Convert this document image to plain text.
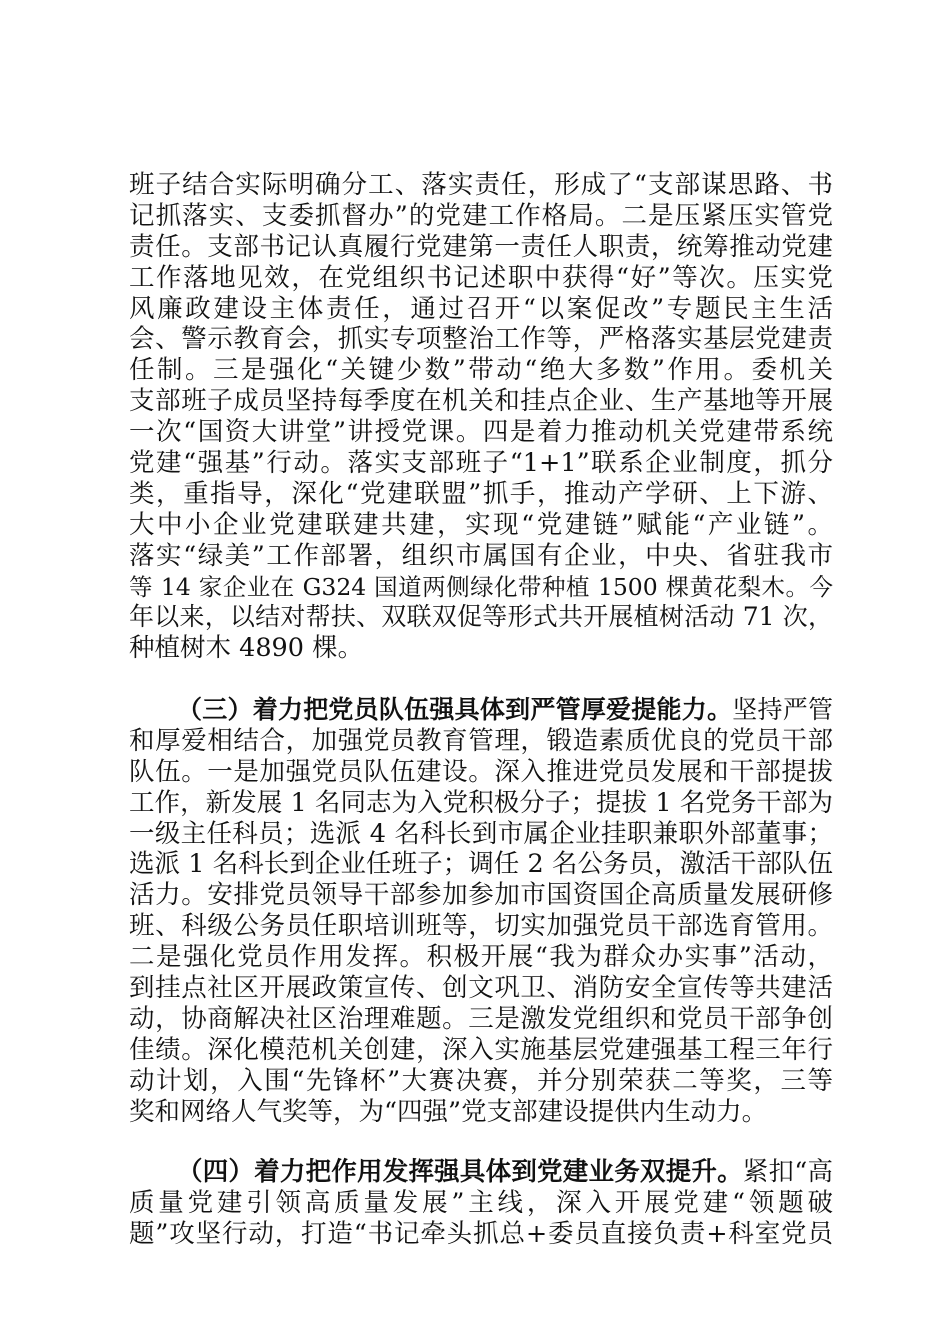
班子结合实际明确分工、落实责任，形成了“支部谋思路、书
记抓落实、支委抓督办”的党建工作格局。二是压紧压实管党
责任。支部书记认真履行党建第一责任人职责，统筹推动党建
工作落地见效，在党组织书记述职中获得“好”等次。压实党
风廉政建设主体责任，通过召开“以案促改”专题民主生活
会、警示教育会，抓实专项整治工作等，严格落实基层党建责
任制。三是强化“关键少数”带动“绝大多数”作用。委机关
支部班子成员坚持每季度在机关和挂点企业、生产基地等开展
一次“国资大讲堂”讲授党课。四是着力推动机关党建带系统
党建“强基”行动。落实支部班子“1+1”联系企业制度，抓分
类，重指导，深化“党建联盟”抓手，推动产学研、上下游、
大中小企业党建联建共建，实现“党建链”赋能“产业链”。
落实“绿美”工作部署，组织市属国有企业，中央、省驻我市
等 14 家企业在 G324 国道两侧绿化带种植 1500 棵黄花梨木。今
年以来，以结对帮扶、双联双促等形式共开展植树活动 71 次，
种植树木 4890 棵。
（三）着力把党员队伍强具体到严管厚爱提能力。坚持严管
和厚爱相结合，加强党员教育管理，锻造素质优良的党员干部
队伍。一是加强党员队伍建设。深入推进党员发展和干部提拔
工作，新发展 1 名同志为入党积极分子；提拔 1 名党务干部为
一级主任科员；选派 4 名科长到市属企业挂职兼职外部董事；
选派 1 名科长到企业任班子；调任 2 名公务员，激活干部队伍
活力。安排党员领导干部参加参加市国资国企高质量发展研修
班、科级公务员任职培训班等，切实加强党员干部选育管用。
二是强化党员作用发挥。积极开展“我为群众办实事”活动，
到挂点社区开展政策宣传、创文巩卫、消防安全宣传等共建活
动，协商解决社区治理难题。三是激发党组织和党员干部争创
佳绩。深化模范机关创建，深入实施基层党建强基工程三年行
动计划，入围“先锋杯”大赛决赛，并分别荣获二等奖，三等
奖和网络人气奖等，为“四强”党支部建设提供内生动力。
（四）着力把作用发挥强具体到党建业务双提升。紧扣“高
质量党建引领高质量发展”主线，深入开展党建“领题破
题”攻坚行动，打造“书记牵头抓总+委员直接负责+科室党员
